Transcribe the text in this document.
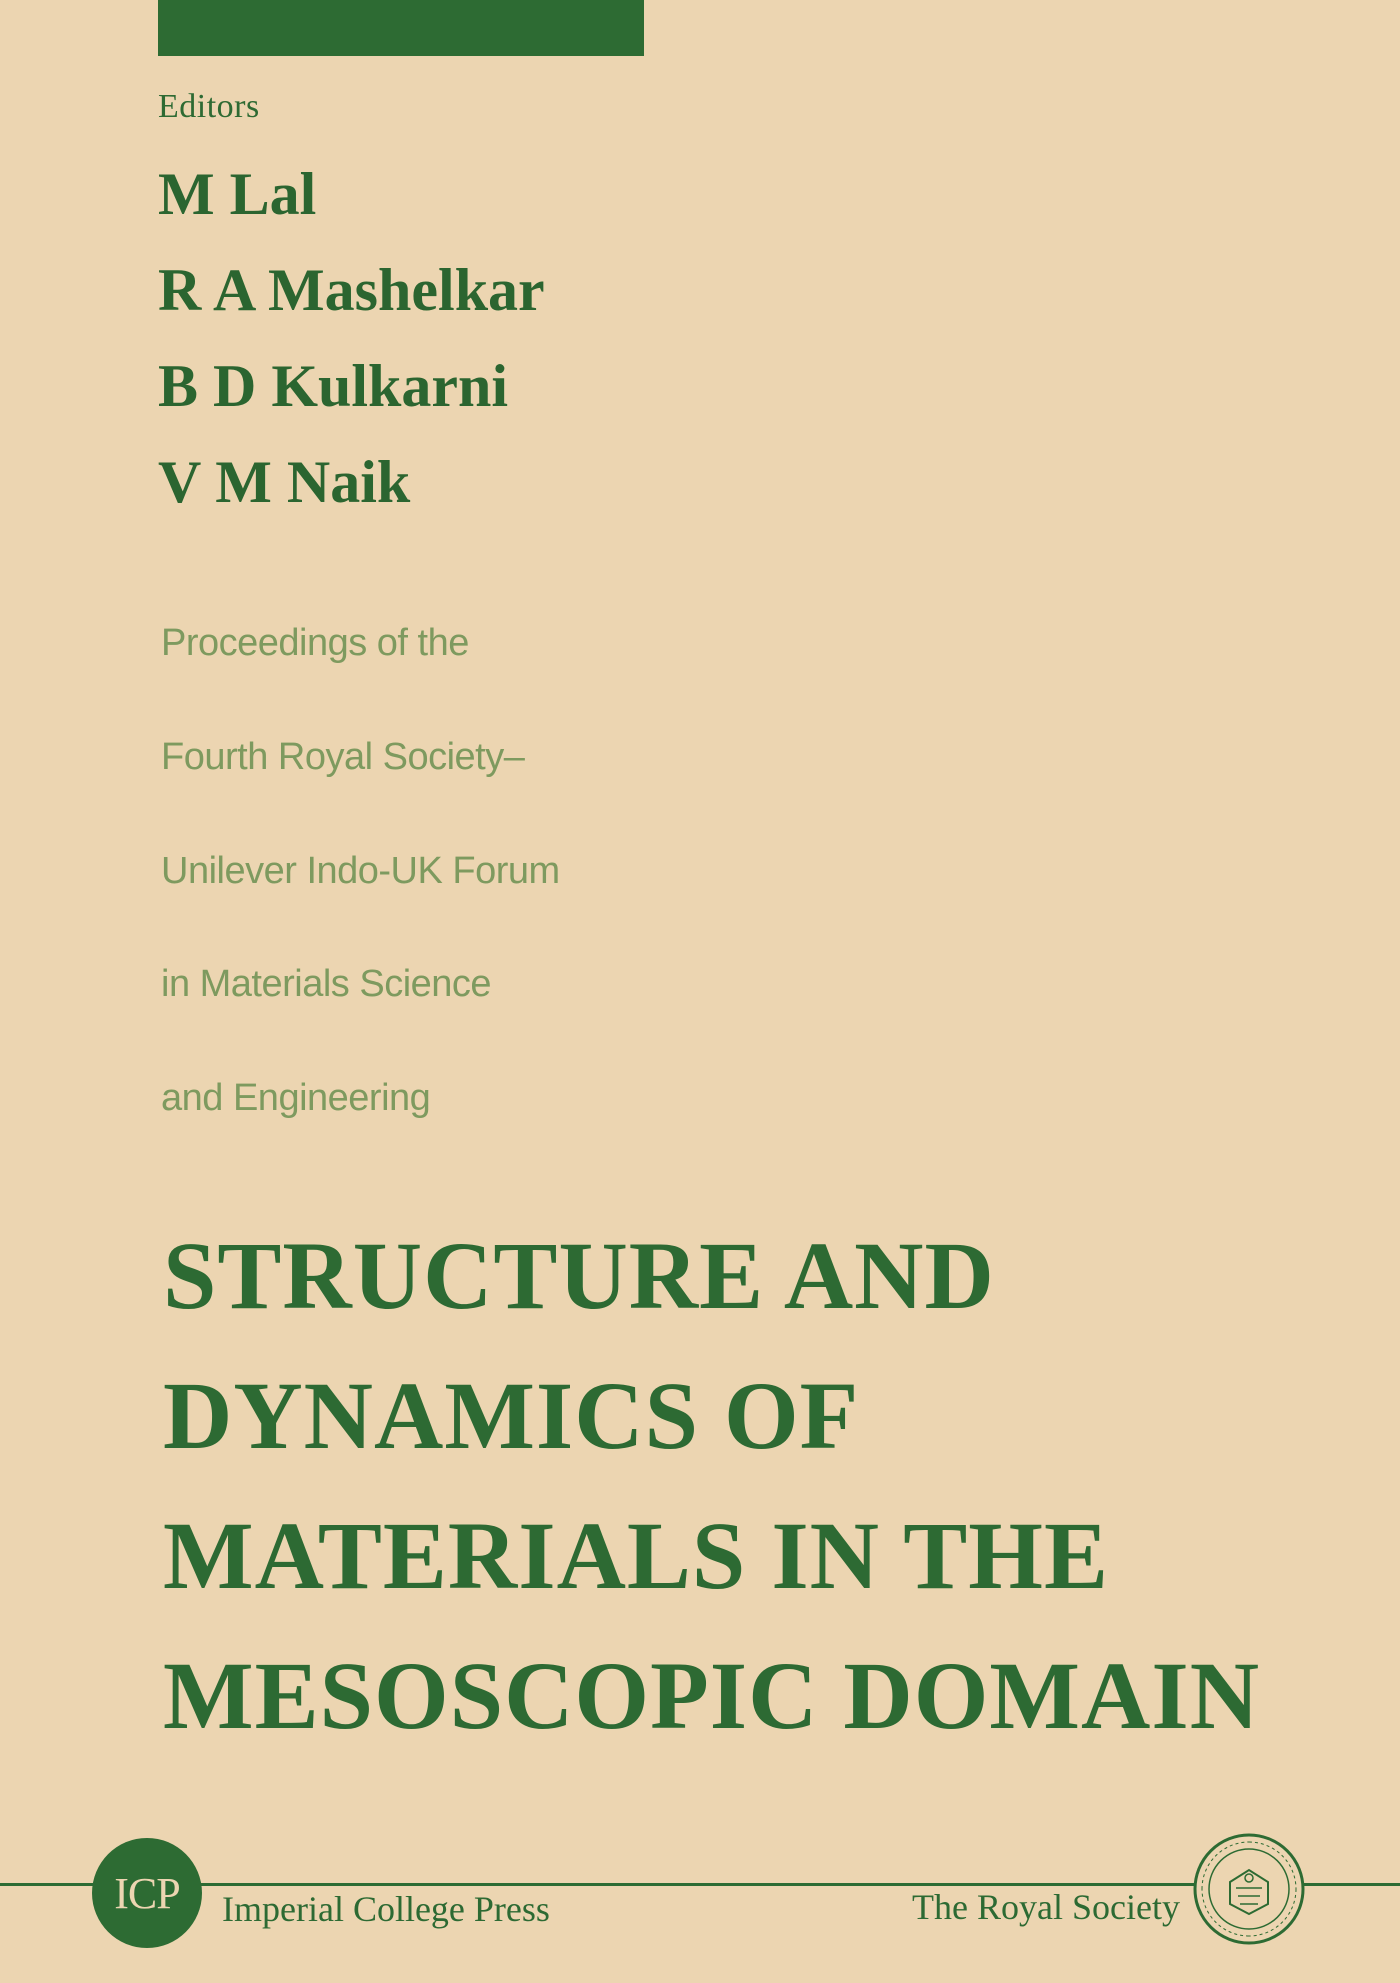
Editors
M Lal
R A Mashelkar
B D Kulkarni
V M Naik
Proceedings of the
Fourth Royal Society–
Unilever Indo-UK Forum
in Materials Science
and Engineering
STRUCTURE AND
DYNAMICS OF
MATERIALS IN THE
MESOSCOPIC DOMAIN
ICP Imperial College Press	The Royal Society
